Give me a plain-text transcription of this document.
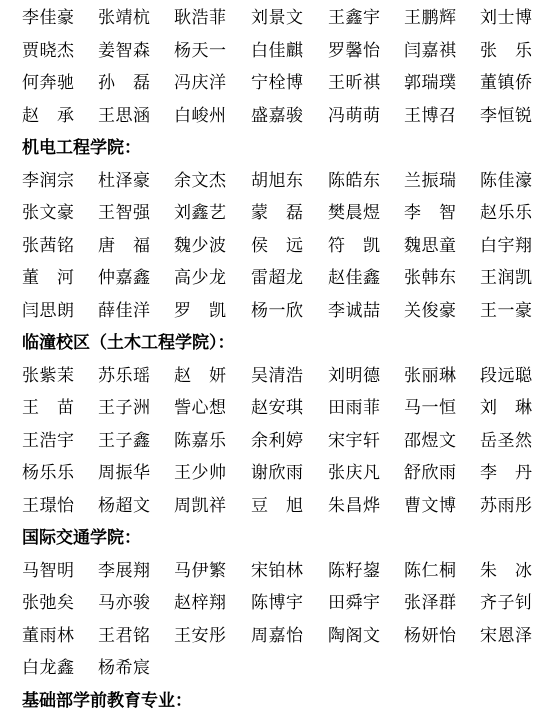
李佳豪 张靖杭 耿浩菲 刘景文 王鑫宇 王鹏辉 刘士博
贾晓杰 姜智森 杨天一 白佳麒 罗馨怡 闫嘉祺 张　乐
何奔驰 孙　磊 冯庆洋 宁栓博 王昕祺 郭瑞璞 董镇侨
赵　承 王思涵 白峻州 盛嘉骏 冯萌萌 王博召 李恒锐
机电工程学院：
李润宗 杜泽豪 余文杰 胡旭东 陈皓东 兰振瑞 陈佳濠
张文豪 王智强 刘鑫艺 蒙　磊 樊晨煜 李　智 赵乐乐
张茜铭 唐　福 魏少波 侯　远 符　凯 魏思童 白宇翔
董　河 仲嘉鑫 高少龙 雷超龙 赵佳鑫 张韩东 王润凯
闫思朗 薛佳洋 罗　凯 杨一欣 李诚喆 关俊豪 王一豪
临潼校区（土木工程学院）：
张紫茉 苏乐瑶 赵　妍 吴清浩 刘明德 张丽琳 段远聪
王　苗 王子洲 訾心想 赵安琪 田雨菲 马一恒 刘　琳
王浩宇 王子鑫 陈嘉乐 余利婷 宋宇轩 邵煜文 岳圣然
杨乐乐 周振华 王少帅 谢欣雨 张庆凡 舒欣雨 李　丹
王璟怡 杨超文 周凯祥 豆　旭 朱昌烨 曹文博 苏雨彤
国际交通学院：
马智明 李展翔 马伊繁 宋铂林 陈籽鋆 陈仁桐 朱　冰
张弛矣 马亦骏 赵梓翔 陈博宇 田舜宇 张泽群 齐子钊
董雨林 王君铭 王安彤 周嘉怡 陶阁文 杨妍怡 宋恩泽
白龙鑫 杨希宸
基础部学前教育专业：
